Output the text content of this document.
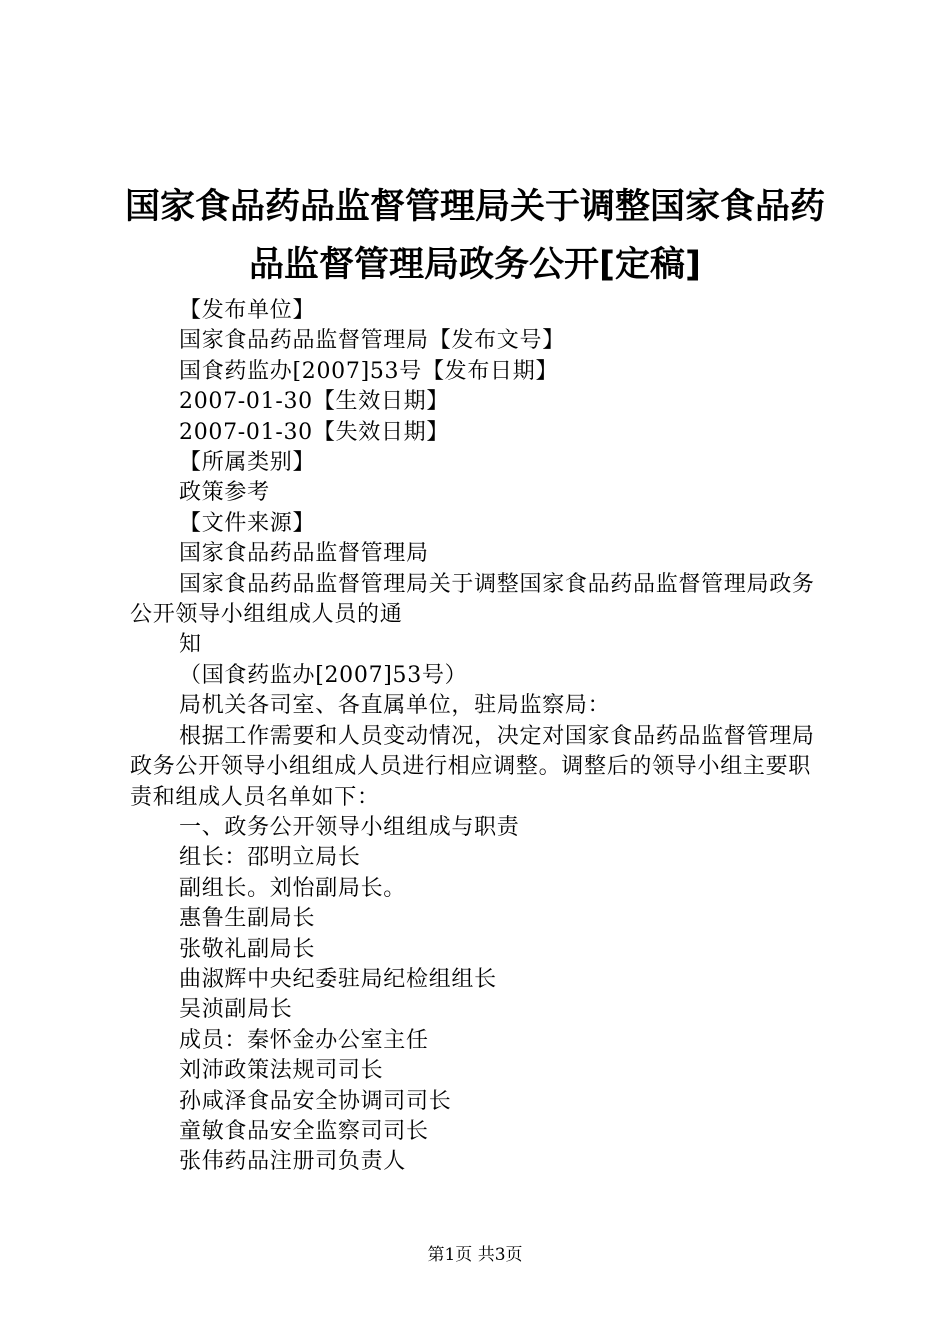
国家食品药品监督管理局关于调整国家食品药品监督管理局政务公开[定稿]

【发布单位】

国家食品药品监督管理局【发布文号】

国食药监办[2007]53号【发布日期】

2007-01-30【生效日期】

2007-01-30【失效日期】

【所属类别】

政策参考

【文件来源】

国家食品药品监督管理局

国家食品药品监督管理局关于调整国家食品药品监督管理局政务公开领导小组组成人员的通

知

（国食药监办[2007]53号）

局机关各司室、各直属单位，驻局监察局：

根据工作需要和人员变动情况，决定对国家食品药品监督管理局政务公开领导小组组成人员进行相应调整。调整后的领导小组主要职责和组成人员名单如下：

一、政务公开领导小组组成与职责

组长：邵明立局长

副组长。刘怡副局长。

惠鲁生副局长

张敬礼副局长

曲淑辉中央纪委驻局纪检组组长

吴浈副局长

成员：秦怀金办公室主任

刘沛政策法规司司长

孙咸泽食品安全协调司司长

童敏食品安全监察司司长

张伟药品注册司负责人

第1页 共3页
